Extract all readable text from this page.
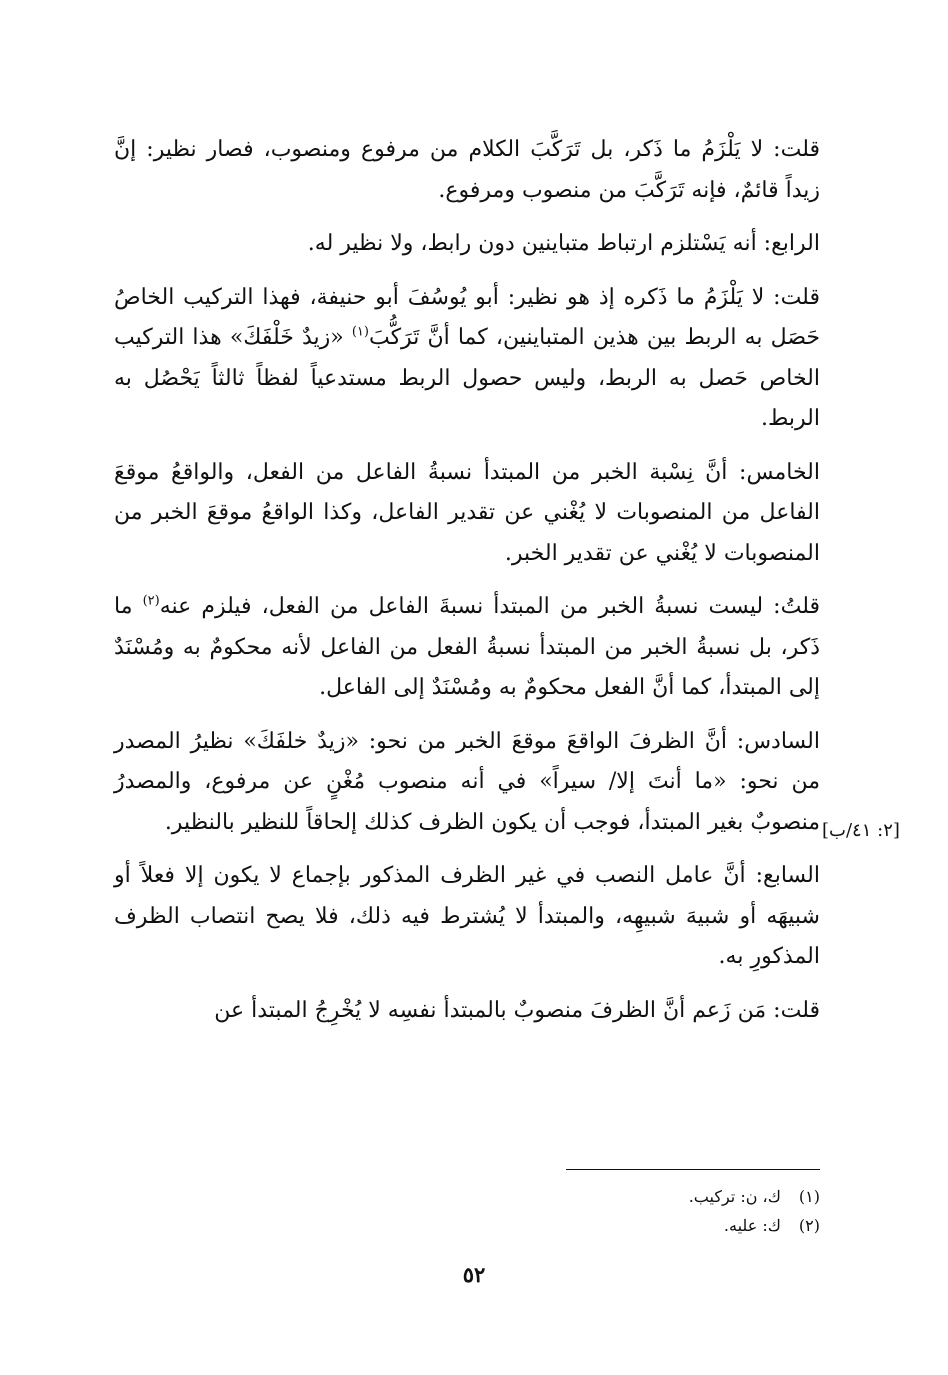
قلت: لا يَلْزَمُ ما ذَكر، بل تَرَكَّبَ الكلام من مرفوع ومنصوب، فصار نظير: إنَّ زيداً قائمٌ، فإنه تَرَكَّبَ من منصوب ومرفوع.

الرابع: أنه يَسْتلزم ارتباط متباينين دون رابط، ولا نظير له.

قلت: لا يَلْزَمُ ما ذَكره إذ هو نظير: أبو يُوسُفَ أبو حنيفة، فهذا التركيب الخاصُ حَصَل به الربط بين هذين المتباينين، كما أنَّ تَرَكُّبَ$^{(١)}$ «زيدٌ خَلْفَكَ» هذا التركيب الخاص حَصل به الربط، وليس حصول الربط مستدعياً لفظاً ثالثاً يَحْصُل به الربط.

الخامس: أنَّ نِسْبة الخبر من المبتدأ نسبةُ الفاعل من الفعل، والواقعُ موقعَ الفاعل من المنصوبات لا يُغْني عن تقدير الفاعل، وكذا الواقعُ موقعَ الخبر من المنصوبات لا يُغْني عن تقدير الخبر.

قلتُ: ليست نسبةُ الخبر من المبتدأ نسبةَ الفاعل من الفعل، فيلزم عنه$^{(٢)}$ ما ذَكر، بل نسبةُ الخبر من المبتدأ نسبةُ الفعل من الفاعل لأنه محكومٌ به ومُسْنَدٌ إلى المبتدأ، كما أنَّ الفعل محكومٌ به ومُسْنَدٌ إلى الفاعل.

السادس: أنَّ الظرفَ الواقعَ موقعَ الخبر من نحو: «زيدٌ خلفَكَ» نظيرُ المصدر من نحو: «ما أنتَ إلا/ سيراً» في أنه منصوب مُغْنٍ عن مرفوع، والمصدرُ منصوبٌ بغير المبتدأ، فوجب أن يكون الظرف كذلك إلحاقاً للنظير بالنظير.

السابع: أنَّ عامل النصب في غير الظرف المذكور بإجماع لا يكون إلا فعلاً أو شبيهَه أو شبيهَ شبيهِه، والمبتدأ لا يُشترط فيه ذلك، فلا يصح انتصاب الظرف المذكورِ به.

قلت: مَن زَعم أنَّ الظرفَ منصوبٌ بالمبتدأ نفسِه لا يُخْرِجُ المبتدأ عن

[٢: ٤١/ب]
(١) ك، ن: تركيب.
(٢) ك: عليه.
٥٢
